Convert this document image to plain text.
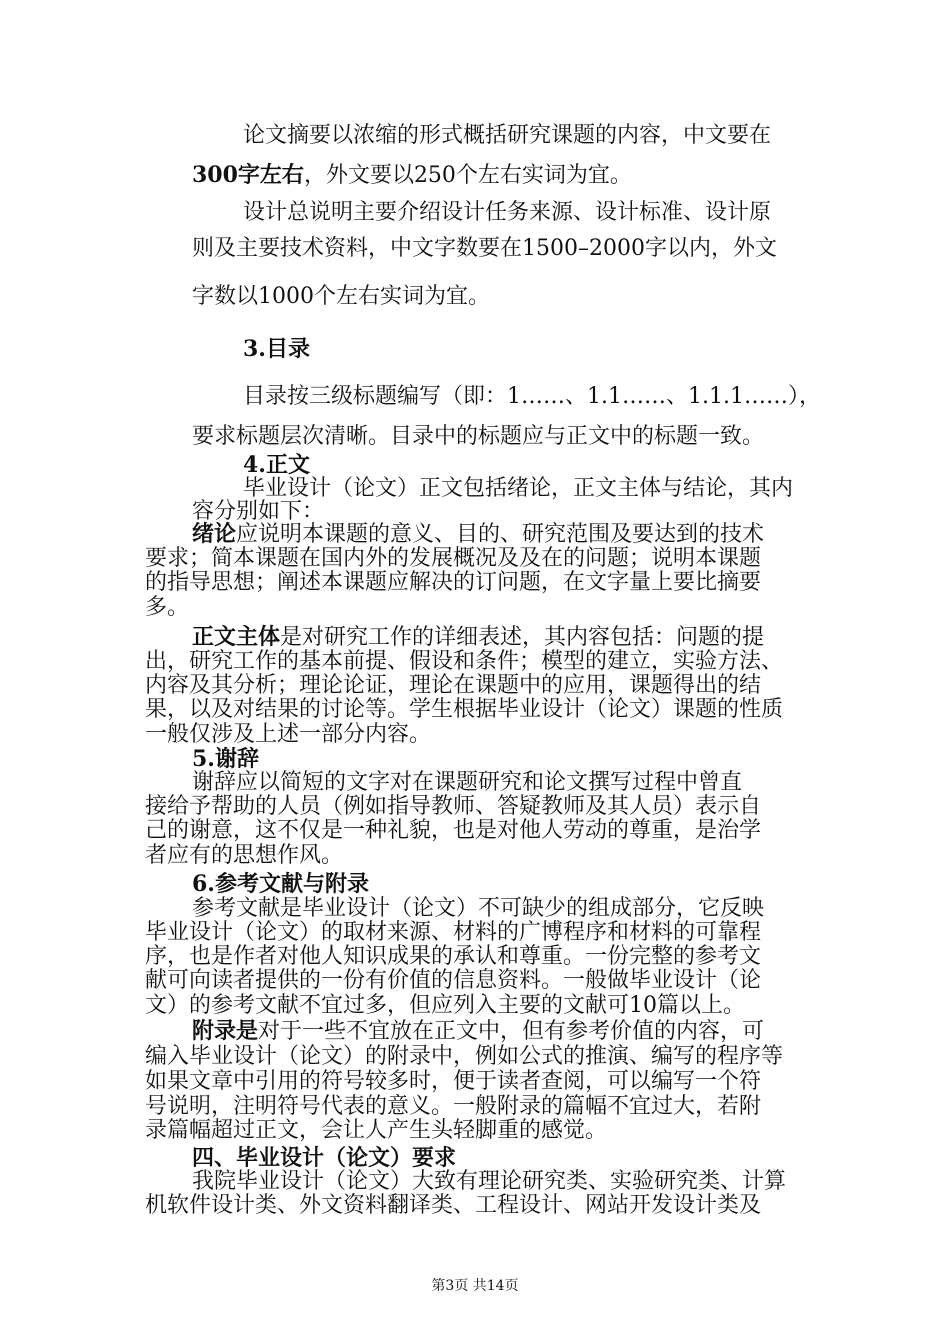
论文摘要以浓缩的形式概括研究课题的内容，中文要在
300字左右，外文要以250个左右实词为宜。
设计总说明主要介绍设计任务来源、设计标准、设计原
则及主要技术资料，中文字数要在1500–2000字以内，外文
字数以1000个左右实词为宜。
3.目录
目录按三级标题编写（即：1……、1.1……、1.1.1……），
要求标题层次清晰。目录中的标题应与正文中的标题一致。
4.正文
毕业设计（论文）正文包括绪论，正文主体与结论，其内
容分别如下：
绪论应说明本课题的意义、目的、研究范围及要达到的技术
要求；简本课题在国内外的发展概况及及在的问题；说明本课题
的指导思想；阐述本课题应解决的订问题，在文字量上要比摘要
多。
正文主体是对研究工作的详细表述，其内容包括：问题的提
出，研究工作的基本前提、假设和条件；模型的建立，实验方法、
内容及其分析；理论论证，理论在课题中的应用，课题得出的结
果，以及对结果的讨论等。学生根据毕业设计（论文）课题的性质
一般仅涉及上述一部分内容。
5.谢辞
谢辞应以简短的文字对在课题研究和论文撰写过程中曾直
接给予帮助的人员（例如指导教师、答疑教师及其人员）表示自
己的谢意，这不仅是一种礼貌，也是对他人劳动的尊重，是治学
者应有的思想作风。
6.参考文献与附录
参考文献是毕业设计（论文）不可缺少的组成部分，它反映
毕业设计（论文）的取材来源、材料的广博程序和材料的可靠程
序，也是作者对他人知识成果的承认和尊重。一份完整的参考文
献可向读者提供的一份有价值的信息资料。一般做毕业设计（论
文）的参考文献不宜过多，但应列入主要的文献可10篇以上。
附录是对于一些不宜放在正文中，但有参考价值的内容，可
编入毕业设计（论文）的附录中，例如公式的推演、编写的程序等
如果文章中引用的符号较多时，便于读者查阅，可以编写一个符
号说明，注明符号代表的意义。一般附录的篇幅不宜过大，若附
录篇幅超过正文，会让人产生头轻脚重的感觉。
四、毕业设计（论文）要求
我院毕业设计（论文）大致有理论研究类、实验研究类、计算
机软件设计类、外文资料翻译类、工程设计、网站开发设计类及
第3页 共14页
